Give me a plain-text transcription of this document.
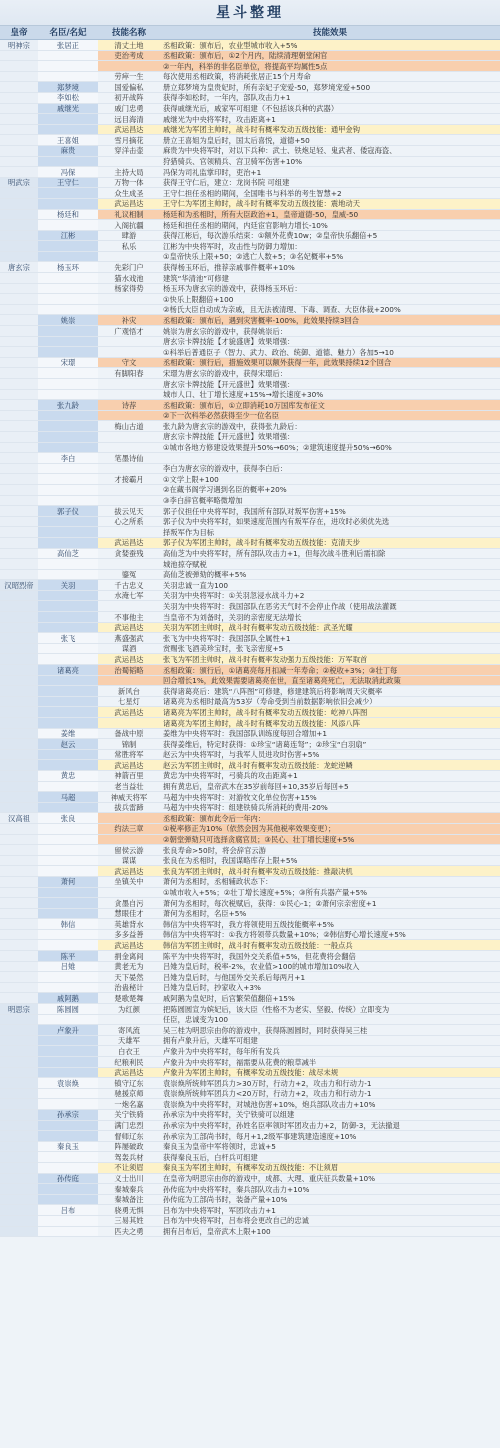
星斗整理
皇帝	名臣/名妃	技能名称	技能效果
明神宗	张居正	清丈土地	丞相政策：颁布后，农业型城市收入+5%
吏治考成	丞相政策：颁布后，①2个月内，陆续清理朝堂闲官
②一年内，科举的非名臣单位，将提高平均属性5点
劳瘁一生	每次使用丞相政策，将消耗张居正15个月寿命
郑梦境	国爱偏私	册立郑梦境为皇贵妃时，所有亲妃子宠爱-50，郑梦境宠爱+500
李如松	初开战阵	获得李如松时，一年内，部队攻击力+1
戚继光	戚门忠勇	获得戚继光后，戚家军可组建（不包括该兵种的武器）
远目海清	戚继光为中央将军时，攻击距离+1
武运昌达	戚继光为军团主帅时，战斗时有概率发动五级技能：通甲金钩
王喜姐	雪月摘花	册立王喜姐为皇后时，国太后喜悦，道德+50
麻贵	穿洋击壶	麻贵为中央将军时，对以下兵种：武士、铁炮足轻、鬼武者、倭寇海盗、
狩猎骑兵、官领精兵、宫卫骑军伤害+10%
冯保	主持大局	冯保为司礼监掌印时，吏治+1
明武宗	王守仁	万物一体	获得王守仁后，建立：龙岗书院 可组建
众生成圣	王守仁担任丞相的期间，全国唯书与科举的考生智慧+2
武运昌达	王守仁为军团主帅时，战斗时有概率发动五级技能：震地动天
杨廷和	礼议相制	杨廷和为丞相时，所有大臣政治+1，皇帝道德-50，皇威-50
入阁抗疆	杨廷和担任丞相的期间，内廷宦官影响力增长-10%
江彬	肆游	获得江彬后，每次游乐结束：①额外花费10w；②皇帝快乐翻倍+5
私乐	江彬为中央将军时，攻击性与防御力增加：
①皇帝快乐上限+50；②逃亡人数+5；③名妃概率+5%
唐玄宗	杨玉环	先彩门户	获得杨玉环后，推荐亲戚事件概率+10%
猫水戏池	建筑“华清池”可修建
杨家得势	杨玉环为唐玄宗的游戏中，获得杨玉环后：
①快乐上限翻倍+100
②杨氏大臣自动成为亲戚，且无法被清理、下毒、调查、大臣体裁+200%
姚崇	补灾	丞相政策：颁布后，遇到灾害概率-100%，此效果持续3回合
广观悟才	姚崇为唐玄宗的游戏中，获得姚崇后：
唐玄宗卡牌技能【才貌盛唐】效果增强：
①科举后普通臣子（智力、武力、政治、统御、道德、魅力）各加5→10
宋璟	守文	丞相政策：颁行后，措施效果可以额外获得一年，此效果持续12个回合
有脚阳春	宋璟为唐玄宗的游戏中，获得宋璟后：
唐玄宗卡牌技能【开元盛世】效果增强：
城市人口、壮丁增长速度+15%→增长速度+30%
张九龄	诗荐	丞相政策：颁布后，①立即消耗10万国库发布征文
②下一次科举必然获得至少一位名臣
梅山古道	张九龄为唐玄宗的游戏中，获得张九龄后：
唐玄宗卡牌技能【开元盛世】效果增强：
①城市各地方修建设效果提升50%→60%；②建筑速度提升50%→60%
李白	笔墨诗仙
李白为唐玄宗的游戏中，获得李白后：
才接霸月	①文学上限+100
②在藏书阁学习遇到名臣的概率+20%
③李白辞官概率略微增加
郭子仪	拔云见天	郭子仪担任中央将军时，我国所有部队对叛军伤害+15%
心之所系	郭子仪为中央将军时，如果速度范围内有叛军存在，进攻时必须优先选
择叛军作为目标
武运昌达	郭子仪为军团主帅时，战斗时有概率发动五级技能：克清天步
高仙芝	贪婪蚕残	高仙芝为中央将军时，所有部队攻击力+1，但每次战斗胜利后需扣除
城池掠夺赋税
鎏冤	高仙芝被弹劾的概率+5%
汉昭烈帝	关羽	千古忠义	关羽忠诚一直为100
水淹七军	关羽为中央将军时：①关羽忽浸水战斗力+2
关羽为中央将军时：我国部队在恶劣天气时不会停止作战（使用战法灌溉
不事他主	当皇帝不为刘备时，关羽的亲密度无法增长
武运昌达	关羽为军团主帅时，战斗时有概率发动五级技能：武圣光耀
张飞	燕盛强武	张飞为中央将军时：我国部队全属性+1
谋酒	赏赐张飞酒美珍宝时，张飞亲密度+5
武运昌达	张飞为军团主帅时，战斗时有概率发动强力五级技能：万军取首
诸葛亮	治蜀韬略	丞相政策：颁行后，①诸葛亮每月扣减一年寿命；②税收+3%；③壮丁每
回合增长1%，此效果需要诸葛亮在世，直至诸葛亮死亡，无法取消此政策
新风台	获得诸葛亮后：建筑“八阵图”可修建，修建建筑后将影响周天灾概率
七星灯	诸葛亮为丞相时最高为53岁（寿命受到当前数据影响依旧会减少）
武运昌达	诸葛亮为军团主帅时，战斗时有概率发动五级技能：屹神八阵图
诸葛亮为军团主帅时，战斗时有概率发动五级技能：风添八阵
姜维	备战中原	姜维为中央将军时：我国部队训练度每回合增加+1
赵云	锦制	获得姜维后，特定时获得：①珍宝“诸葛连弩”；②珍宝“白羽扇”
常胜将军	赵云为中央将军时，与我军人员进攻时伤害+5%
武运昌达	赵云为军团主帅时，战斗时有概率发动五级技能：龙蛇逆鳞
黄忠	神箭百里	黄忠为中央将军时，弓骑兵的攻击距离+1
老当益壮	拥有黄忠后，皇帝武木在35岁前每回+10,35岁后每回+5
马超	神威天将军	马超为中央将军时：对游牧文化单位伤害+15%
拔兵雷蹄	马超为中央将军时：组建铁骑兵所消耗的费用-20%
汉高祖	张良	丞相政策：颁布此令后一年内：
约法三章	①税率修正为10%（依然会因为其他税率效果变更）；
②朝堂弹劾只可选择贪腐官员；③民心、壮丁增长速度+5%
留侯云游	张良寿命>50时，将会辞官云游
谋谋	张良在为丞相时，我国谋略库存上限+5%
武运昌达	张良为军团主帅时，战斗时有概率发动五级技能：推敲决机
萧何	坐镇关中	萧何为丞相时，丞相辅政状态下：
①城市收入+5%；②壮丁增长速度+5%；③所有兵器产量+5%
贪墨自污	萧何为丞相时，每次税赋后，获得：①民心-1；②萧何宗亲密度+1
慧眼佳才	萧何为丞相时，名臣+5%
韩信	英雄背水	韩信为中央将军时，我方将领使用五级技能概率+5%
多多益善	韩信为中央将军时：①我方将领带兵数量+10%；②韩信野心增长速度+5%
武运昌达	韩信为军团主帅时，战斗时有概率发动五级技能：一般点兵
陈平	捐金离间	陈平为中央将军时，我国外交关系值+5%，但花费将会翻倍
吕雉	黄老无为	吕雉为皇后时，税率-2%，农业值>100的城市增加10%收入
天下晏然	吕雉为皇后时，与他国外交关系后每两月+1
治蛊秘计	吕雉为皇后时，抄家收入+3%
戚阿鹅	楚歌楚舞	戚阿鹅为皇妃时，后宫繁荣值翻倍+15%
明思宗	陈圆圆	为红颜	把陈圆圆宣为嫔妃后，该大臣（性格不为老实、坚毅、传统）立即变为
任臣，忠诚变为100
卢象升	寄风流	吴三桂为明思宗由你的游戏中，获得陈圆圆时，同时获得吴三桂
天雄军	拥有卢象升后，天雄军可组建
白衣王	卢象升为中央将军时，每年所有发兵
纪粮利民	卢象升为中央将军时，福需要从花费的粮草减半
武运昌达	卢象升为军团主帅时，有概率发动五级技能：战尽未规
袁崇焕	镇守辽东	袁崇焕所统帅军团兵力>30万时，行动力+2，攻击力和行动力-1
驰援京师	袁崇焕所统帅军团兵力<20万时，行动力+2，攻击力和行动力-1
一炮名嘉	袁崇焕为中央将军时，对城池伤害+10%，炮兵部队攻击力+10%
孙承宗	关宁铁骑	孙承宗为中央将军时，关宁铁骑可以组建
满门忠烈	孙承宗为中央将军时，孙姓名臣率领时军团攻击力+2，防御-3，无法撤退
督师辽东	孙承宗为工部尚书时，每月+1,2级军事建筑建造速度+10%
秦良玉	阵屡破政	秦良玉为皇帝中军将领时，忠诚+5
驾轰兵材	获得秦良玉后，白杆兵可组建
不让须眉	秦良玉为军团主帅时，有概率发动五级技能：不让须眉
孙传庭	义士出川	在皇帝为明思宗由你的游戏中，成都、大理、重庆征兵数量+10%
秦城秦兵	孙传庭为中央将军时，秦兵部队攻击力+10%
秦城备注	孙传庭为工部尚书时，装备产量+10%
吕布	骁勇无惧	吕布为中央将军时，军团攻击力+1
三易其姓	吕布为中央将军时，吕布将会更改自己的忠诚
匹夫之勇	拥有吕布后，皇帝武木上限+100
